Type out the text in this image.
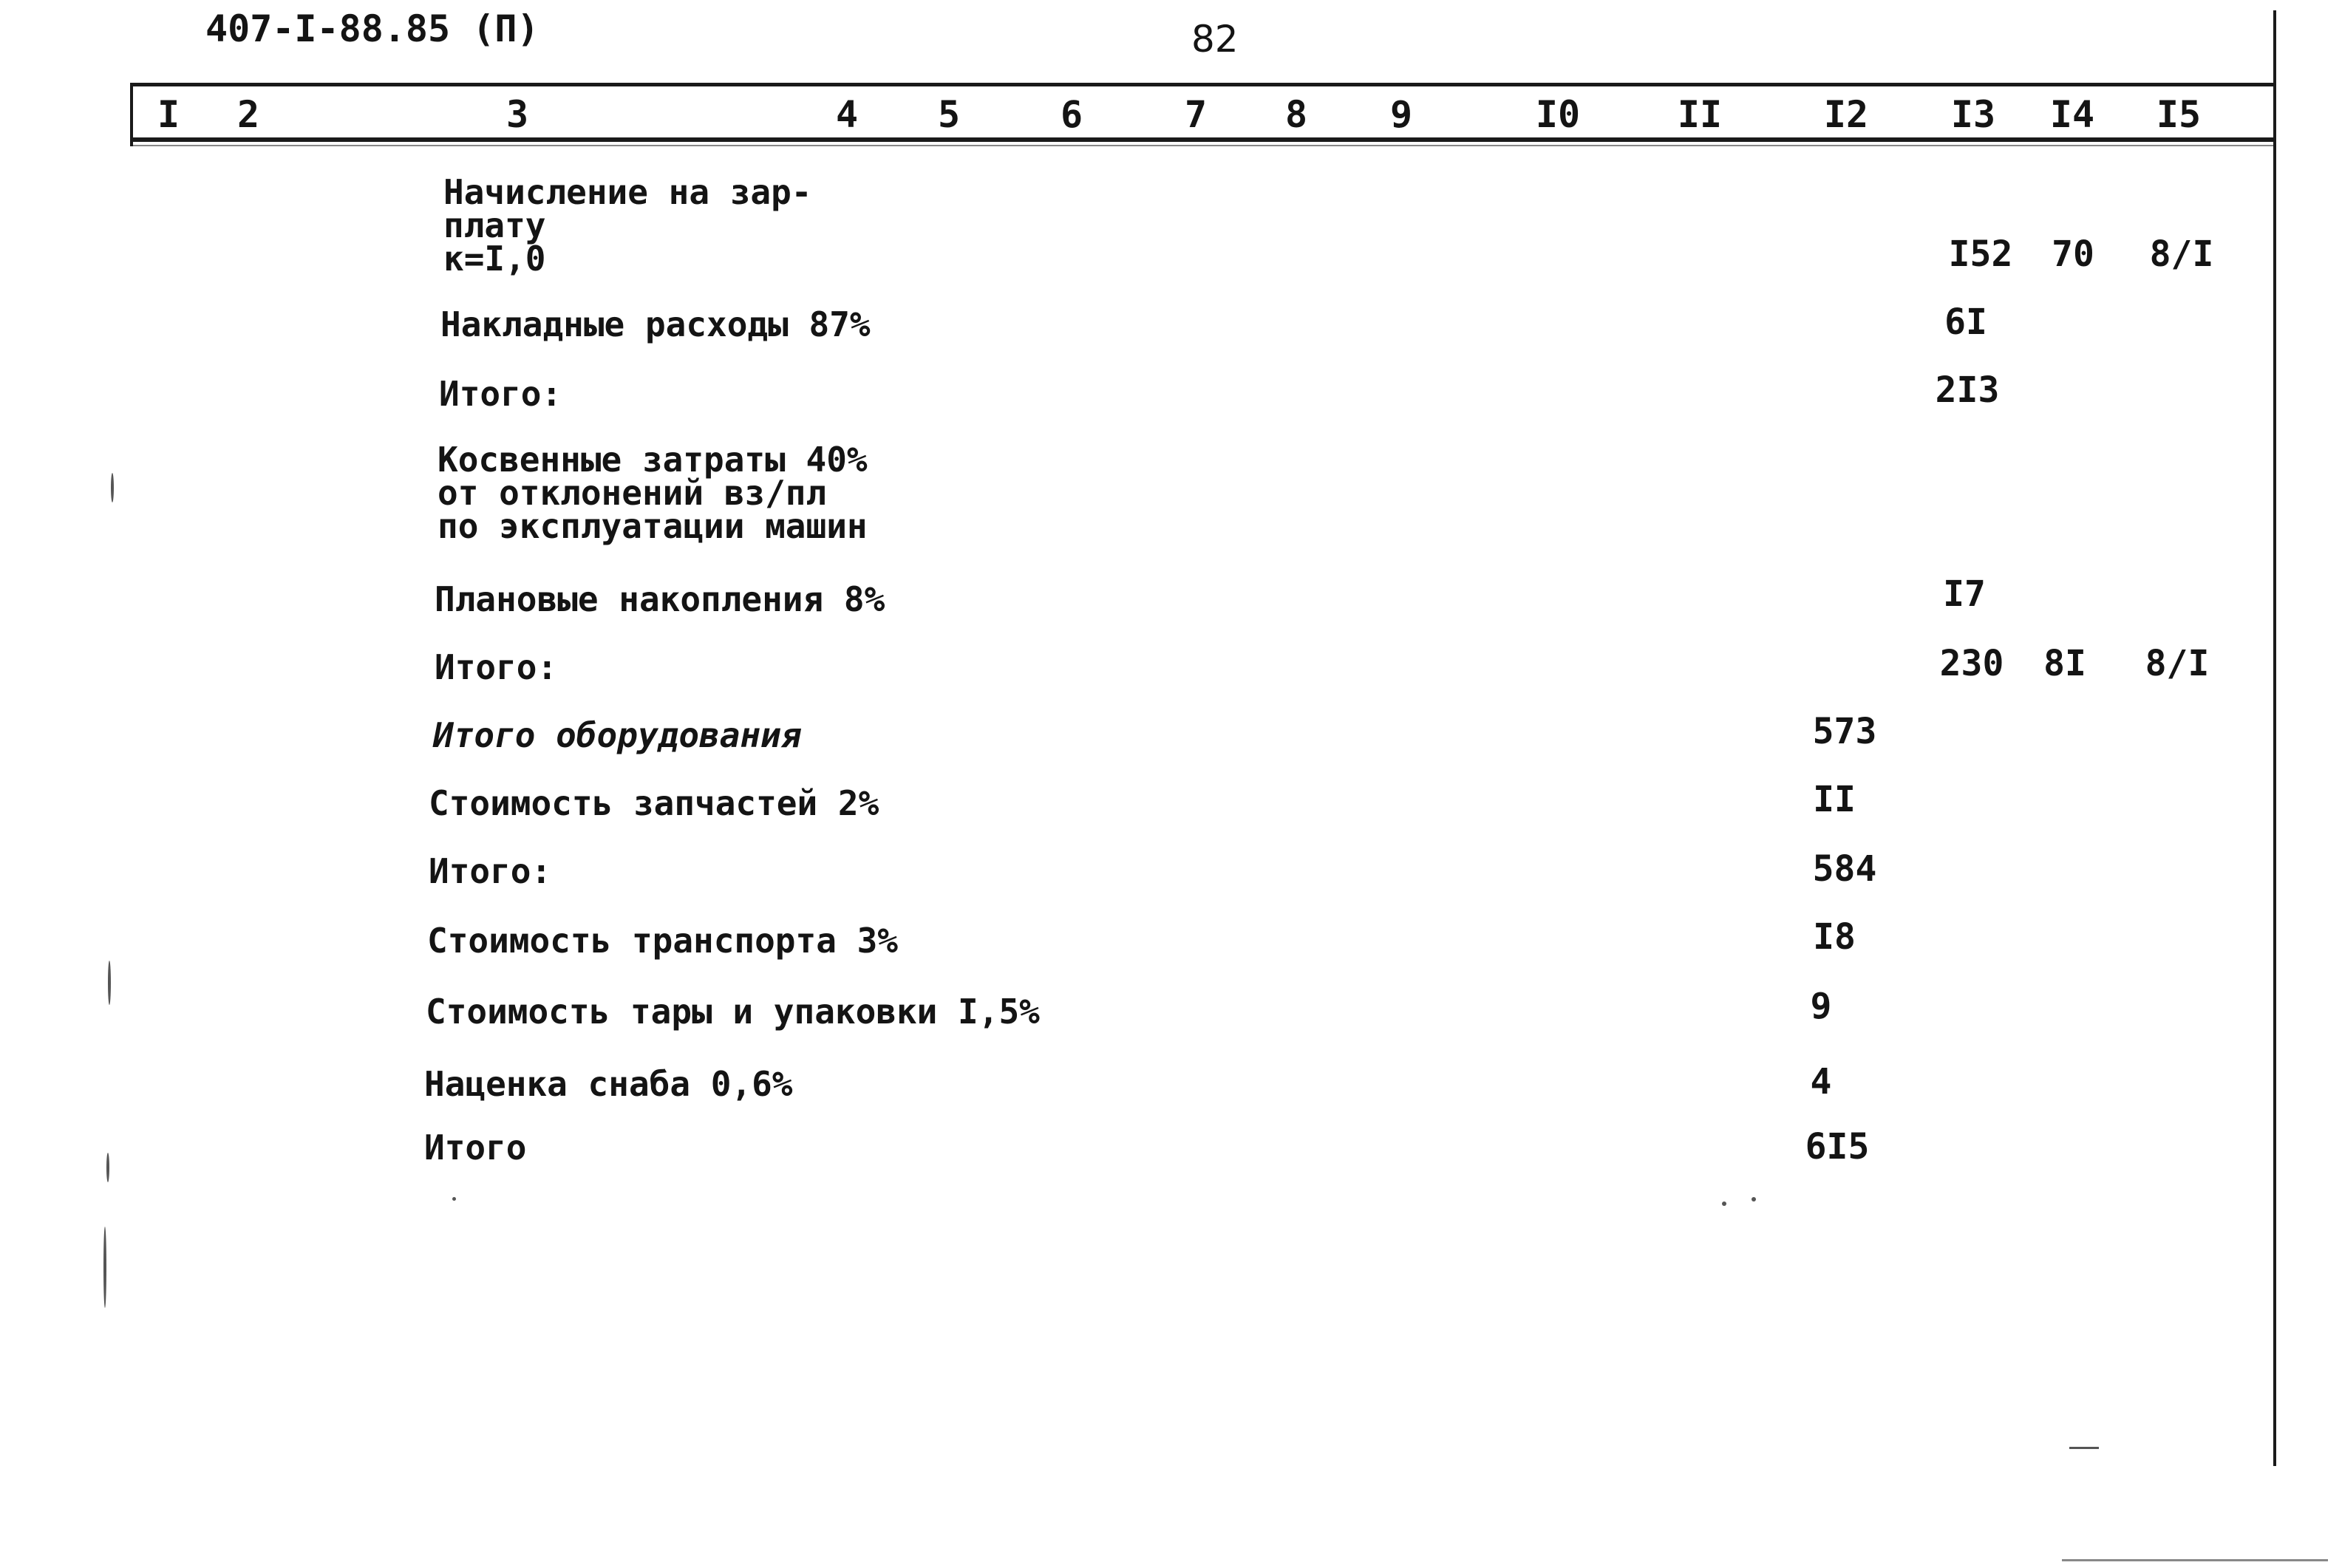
407-I-88.85 (П)	82
I 2	3	4 5	6	7 8 9	I0	II	I2 I3 I4 I5
Начисление на зар-
плату
к=I,0	I52 70 8/I
Накладные расходы 87%	6I
Итого:	2I3
Косвенные затраты 40%
от отклонений вз/пл
по эксплуатации машин
Плановые накопления 8%	I7
Итого:	230 8I 8/I
Итого оборудования	573
Стоимость запчастей 2%	II
Итого:	584
Стоимость транспорта 3%	I8
Стоимость тары и упаковки I,5%	9
Наценка снаба 0,6%	4
Итого	6I5
